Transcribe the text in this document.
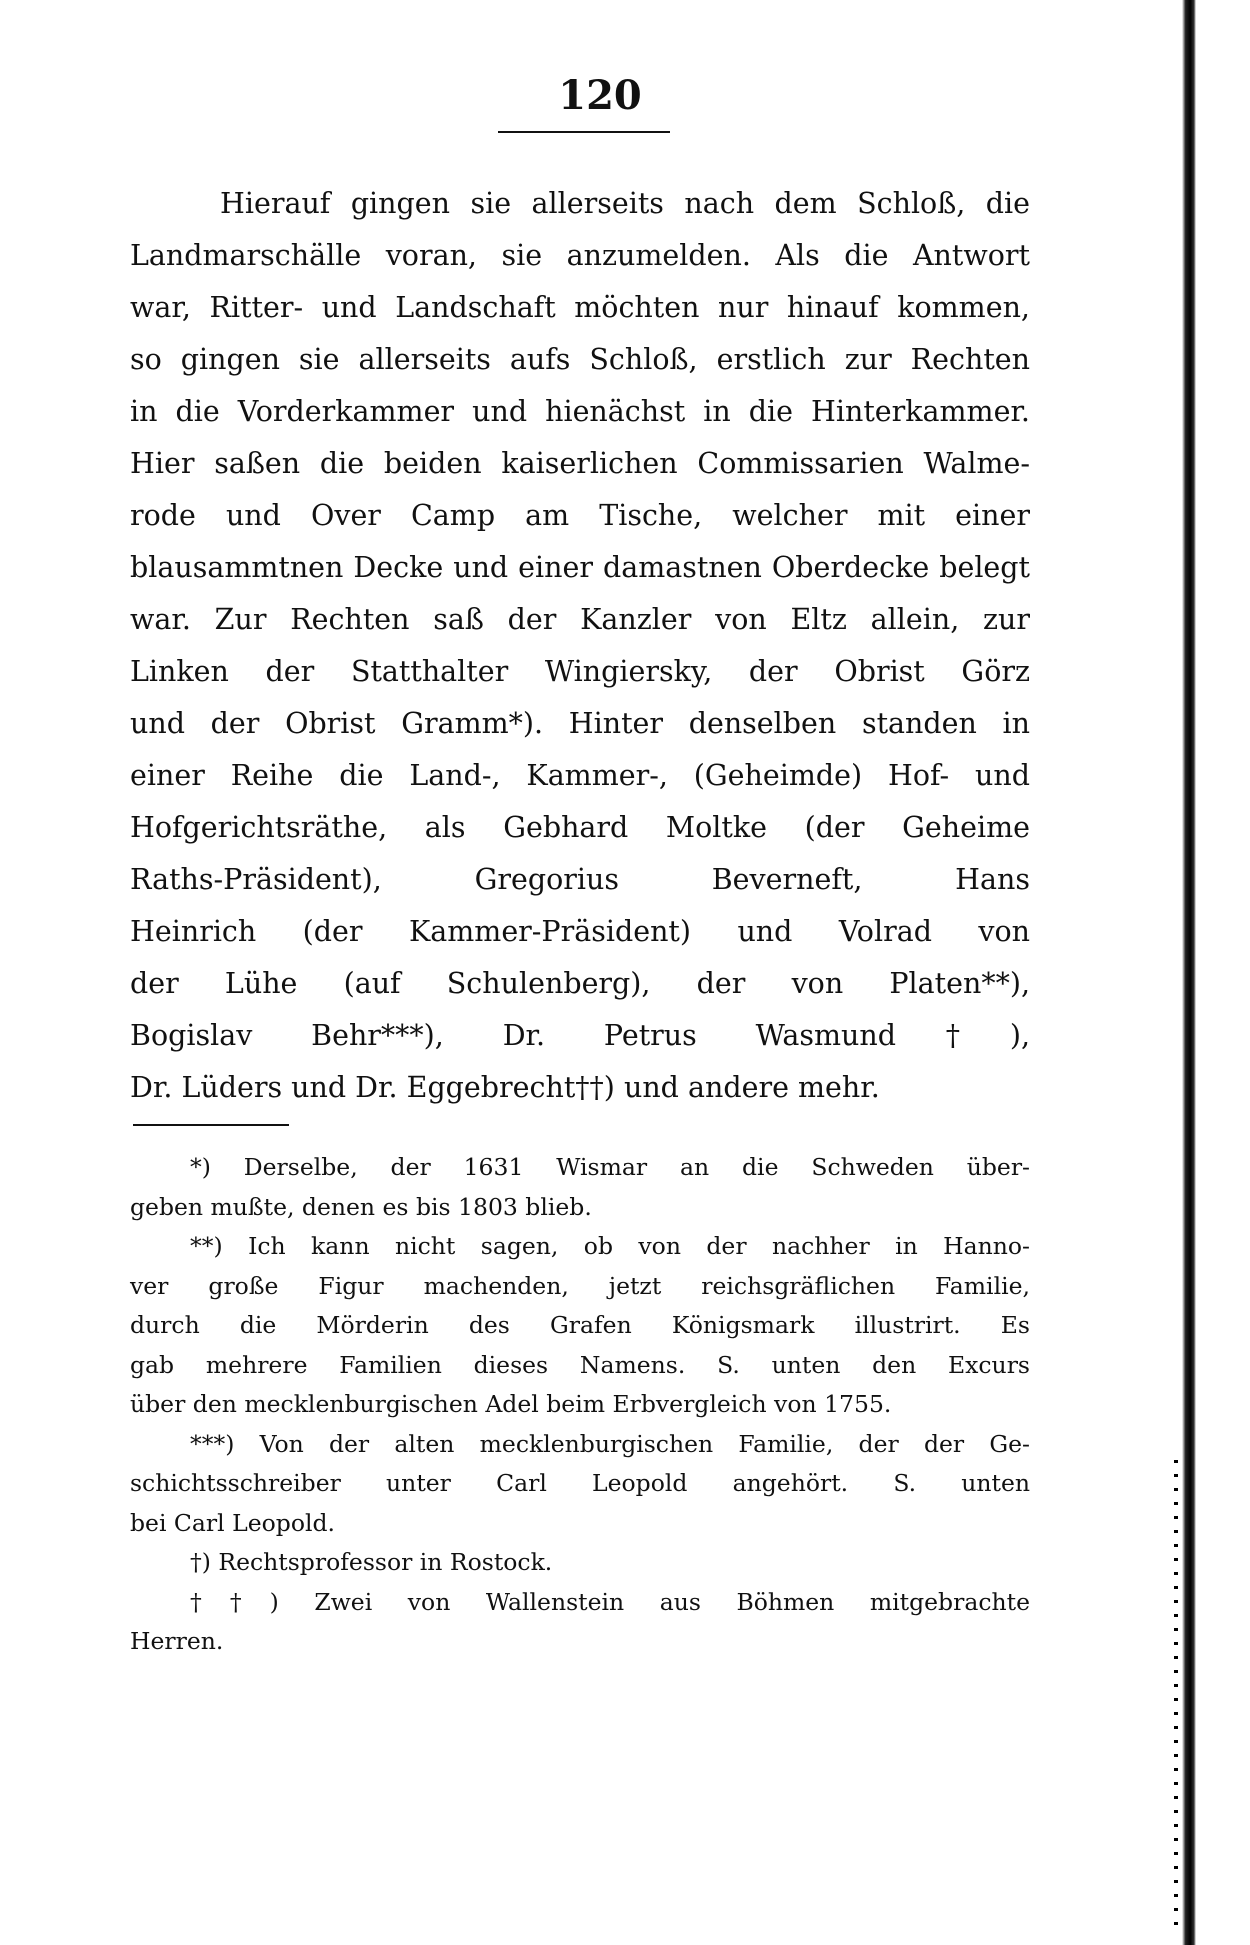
120
Hierauf gingen sie allerseits nach dem Schloß, die
Landmarschälle voran, sie anzumelden. Als die Antwort
war, Ritter- und Landschaft möchten nur hinauf kommen,
so gingen sie allerseits aufs Schloß, erstlich zur Rechten
in die Vorderkammer und hienächst in die Hinterkammer.
Hier saßen die beiden kaiserlichen Commissarien Walme-
rode und Over Camp am Tische, welcher mit einer
blausammtnen Decke und einer damastnen Oberdecke belegt
war. Zur Rechten saß der Kanzler von Eltz allein, zur
Linken der Statthalter Wingiersky, der Obrist Görz
und der Obrist Gramm*). Hinter denselben standen in
einer Reihe die Land-, Kammer-, (Geheimde) Hof- und
Hofgerichtsräthe, als Gebhard Moltke (der Geheime
Raths-Präsident), Gregorius Beverneft, Hans
Heinrich (der Kammer-Präsident) und Volrad von
der Lühe (auf Schulenberg), der von Platen**),
Bogislav Behr***), Dr. Petrus Wasmund†),
Dr. Lüders und Dr. Eggebrecht††) und andere mehr.
*) Derselbe, der 1631 Wismar an die Schweden über-
geben mußte, denen es bis 1803 blieb.
**) Ich kann nicht sagen, ob von der nachher in Hanno-
ver große Figur machenden, jetzt reichsgräflichen Familie,
durch die Mörderin des Grafen Königsmark illustrirt. Es
gab mehrere Familien dieses Namens. S. unten den Excurs
über den mecklenburgischen Adel beim Erbvergleich von 1755.
***) Von der alten mecklenburgischen Familie, der der Ge-
schichtsschreiber unter Carl Leopold angehört. S. unten
bei Carl Leopold.
†) Rechtsprofessor in Rostock.
††) Zwei von Wallenstein aus Böhmen mitgebrachte
Herren.
